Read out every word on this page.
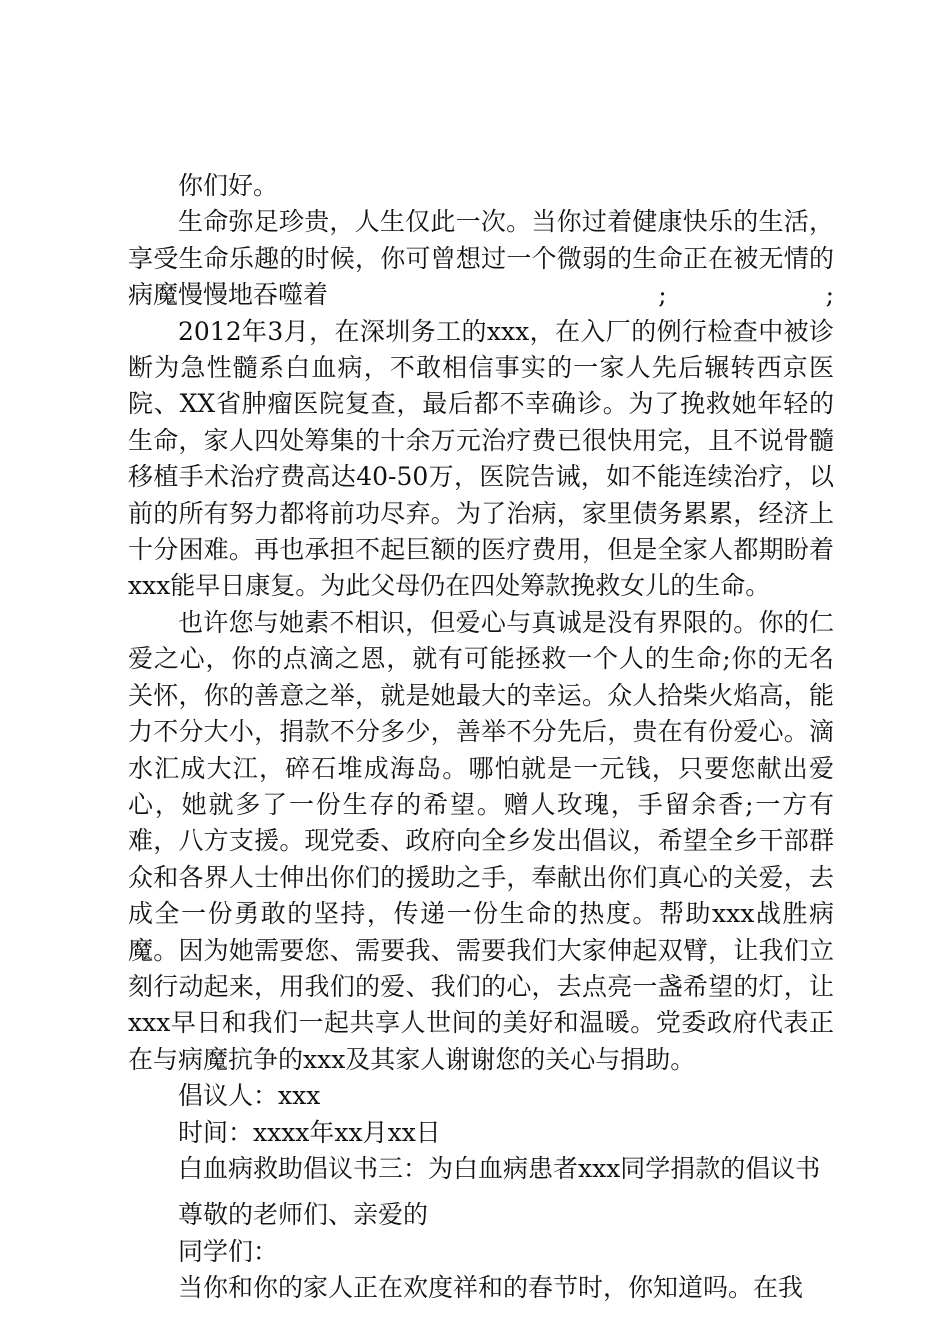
你们好。

生命弥足珍贵，人生仅此一次。当你过着健康快乐的生活，享受生命乐趣的时候，你可曾想过一个微弱的生命正在被无情的病魔慢慢地吞噬着	;                    ;

2012年3月，在深圳务工的xxx，在入厂的例行检查中被诊断为急性髓系白血病，不敢相信事实的一家人先后辗转西京医院、XX省肿瘤医院复查，最后都不幸确诊。为了挽救她年轻的生命，家人四处筹集的十余万元治疗费已很快用完，且不说骨髓移植手术治疗费高达40-50万，医院告诫，如不能连续治疗，以前的所有努力都将前功尽弃。为了治病，家里债务累累，经济上十分困难。再也承担不起巨额的医疗费用，但是全家人都期盼着xxx能早日康复。为此父母仍在四处筹款挽救女儿的生命。

也许您与她素不相识，但爱心与真诚是没有界限的。你的仁爱之心，你的点滴之恩，就有可能拯救一个人的生命;你的无名关怀，你的善意之举，就是她最大的幸运。众人拾柴火焰高，能力不分大小，捐款不分多少，善举不分先后，贵在有份爱心。滴水汇成大江，碎石堆成海岛。哪怕就是一元钱，只要您献出爱心，她就多了一份生存的希望。赠人玫瑰，手留余香;一方有难，八方支援。现党委、政府向全乡发出倡议，希望全乡干部群众和各界人士伸出你们的援助之手，奉献出你们真心的关爱，去成全一份勇敢的坚持，传递一份生命的热度。帮助xxx战胜病魔。因为她需要您、需要我、需要我们大家伸起双臂，让我们立刻行动起来，用我们的爱、我们的心，去点亮一盏希望的灯，让xxx早日和我们一起共享人世间的美好和温暖。党委政府代表正在与病魔抗争的xxx及其家人谢谢您的关心与捐助。

倡议人：xxx

时间：xxxx年xx月xx日

白血病救助倡议书三：为白血病患者xxx同学捐款的倡议书

尊敬的老师们、亲爱的

同学们：

当你和你的家人正在欢度祥和的春节时，你知道吗。在我
